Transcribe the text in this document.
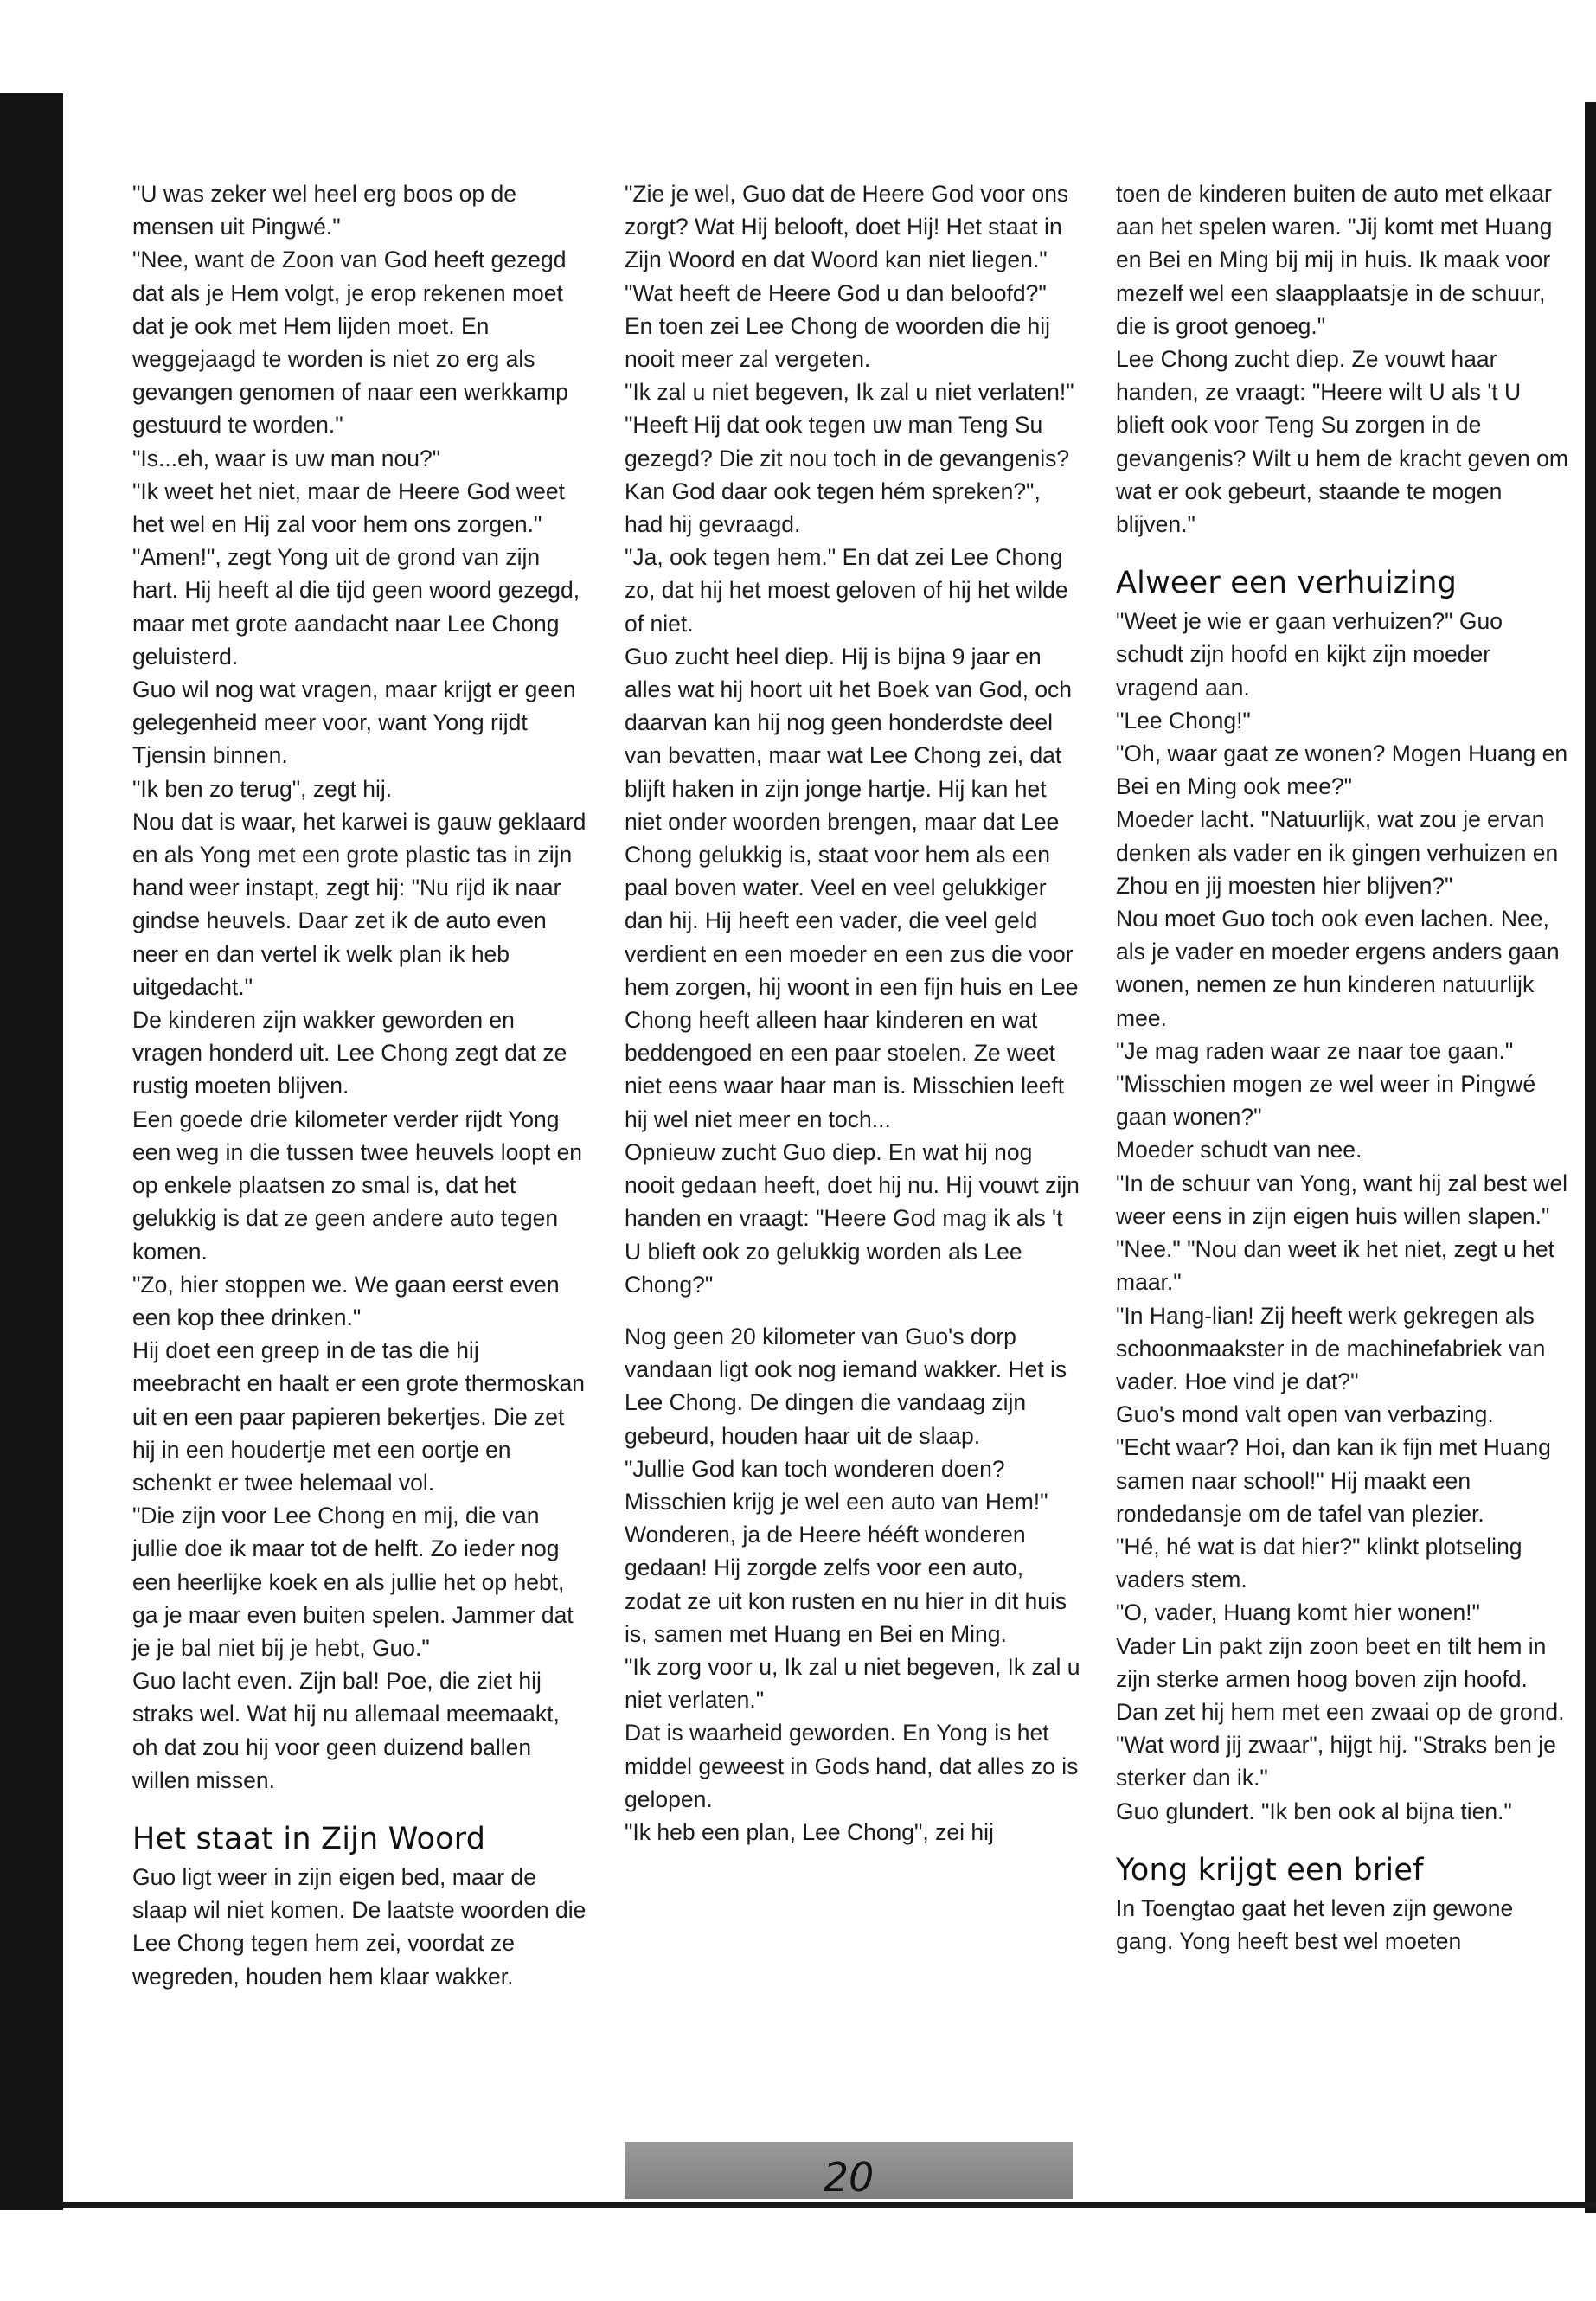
"U was zeker wel heel erg boos op de mensen uit Pingwé."

"Nee, want de Zoon van God heeft gezegd dat als je Hem volgt, je erop rekenen moet dat je ook met Hem lijden moet. En weggejaagd te worden is niet zo erg als gevangen genomen of naar een werkkamp gestuurd te worden."

"Is...eh, waar is uw man nou?"

"Ik weet het niet, maar de Heere God weet het wel en Hij zal voor hem ons zorgen."

"Amen!", zegt Yong uit de grond van zijn hart. Hij heeft al die tijd geen woord gezegd, maar met grote aandacht naar Lee Chong geluisterd.

Guo wil nog wat vragen, maar krijgt er geen gelegenheid meer voor, want Yong rijdt Tjensin binnen.

"Ik ben zo terug", zegt hij.

Nou dat is waar, het karwei is gauw geklaard en als Yong met een grote plastic tas in zijn hand weer instapt, zegt hij: "Nu rijd ik naar gindse heuvels. Daar zet ik de auto even neer en dan vertel ik welk plan ik heb uitgedacht."

De kinderen zijn wakker geworden en vragen honderd uit. Lee Chong zegt dat ze rustig moeten blijven.

Een goede drie kilometer verder rijdt Yong een weg in die tussen twee heuvels loopt en op enkele plaatsen zo smal is, dat het gelukkig is dat ze geen andere auto tegen komen.

"Zo, hier stoppen we. We gaan eerst even een kop thee drinken."

Hij doet een greep in de tas die hij meebracht en haalt er een grote thermoskan uit en een paar papieren bekertjes. Die zet hij in een houdertje met een oortje en schenkt er twee helemaal vol.

"Die zijn voor Lee Chong en mij, die van jullie doe ik maar tot de helft. Zo ieder nog een heerlijke koek en als jullie het op hebt, ga je maar even buiten spelen. Jammer dat je je bal niet bij je hebt, Guo."

Guo lacht even. Zijn bal! Poe, die ziet hij straks wel. Wat hij nu allemaal meemaakt, oh dat zou hij voor geen duizend ballen willen missen.

Het staat in Zijn Woord

Guo ligt weer in zijn eigen bed, maar de slaap wil niet komen. De laatste woorden die Lee Chong tegen hem zei, voordat ze wegreden, houden hem klaar wakker.

"Zie je wel, Guo dat de Heere God voor ons zorgt? Wat Hij belooft, doet Hij! Het staat in Zijn Woord en dat Woord kan niet liegen."

"Wat heeft de Heere God u dan beloofd?"

En toen zei Lee Chong de woorden die hij nooit meer zal vergeten.

"Ik zal u niet begeven, Ik zal u niet verlaten!"

"Heeft Hij dat ook tegen uw man Teng Su gezegd? Die zit nou toch in de gevangenis? Kan God daar ook tegen hém spreken?", had hij gevraagd.

"Ja, ook tegen hem." En dat zei Lee Chong zo, dat hij het moest geloven of hij het wilde of niet.

Guo zucht heel diep. Hij is bijna 9 jaar en alles wat hij hoort uit het Boek van God, och daarvan kan hij nog geen honderdste deel van bevatten, maar wat Lee Chong zei, dat blijft haken in zijn jonge hartje. Hij kan het niet onder woorden brengen, maar dat Lee Chong gelukkig is, staat voor hem als een paal boven water. Veel en veel gelukkiger dan hij. Hij heeft een vader, die veel geld verdient en een moeder en een zus die voor hem zorgen, hij woont in een fijn huis en Lee Chong heeft alleen haar kinderen en wat beddengoed en een paar stoelen. Ze weet niet eens waar haar man is. Misschien leeft hij wel niet meer en toch...

Opnieuw zucht Guo diep. En wat hij nog nooit gedaan heeft, doet hij nu. Hij vouwt zijn handen en vraagt: "Heere God mag ik als 't U blieft ook zo gelukkig worden als Lee Chong?"

Nog geen 20 kilometer van Guo's dorp vandaan ligt ook nog iemand wakker. Het is Lee Chong. De dingen die vandaag zijn gebeurd, houden haar uit de slaap.

"Jullie God kan toch wonderen doen? Misschien krijg je wel een auto van Hem!"

Wonderen, ja de Heere hééft wonderen gedaan! Hij zorgde zelfs voor een auto, zodat ze uit kon rusten en nu hier in dit huis is, samen met Huang en Bei en Ming.

"Ik zorg voor u, Ik zal u niet begeven, Ik zal u niet verlaten."

Dat is waarheid geworden. En Yong is het middel geweest in Gods hand, dat alles zo is gelopen.

"Ik heb een plan, Lee Chong", zei hij

toen de kinderen buiten de auto met elkaar aan het spelen waren. "Jij komt met Huang en Bei en Ming bij mij in huis. Ik maak voor mezelf wel een slaapplaatsje in de schuur, die is groot genoeg."

Lee Chong zucht diep. Ze vouwt haar handen, ze vraagt: "Heere wilt U als 't U blieft ook voor Teng Su zorgen in de gevangenis? Wilt u hem de kracht geven om wat er ook gebeurt, staande te mogen blijven."

Alweer een verhuizing

"Weet je wie er gaan verhuizen?" Guo schudt zijn hoofd en kijkt zijn moeder vragend aan.

"Lee Chong!"

"Oh, waar gaat ze wonen? Mogen Huang en Bei en Ming ook mee?"

Moeder lacht. "Natuurlijk, wat zou je ervan denken als vader en ik gingen verhuizen en Zhou en jij moesten hier blijven?"

Nou moet Guo toch ook even lachen. Nee, als je vader en moeder ergens anders gaan wonen, nemen ze hun kinderen natuurlijk mee.

"Je mag raden waar ze naar toe gaan."

"Misschien mogen ze wel weer in Pingwé gaan wonen?"

Moeder schudt van nee.

"In de schuur van Yong, want hij zal best wel weer eens in zijn eigen huis willen slapen."

"Nee." "Nou dan weet ik het niet, zegt u het maar."

"In Hang-lian! Zij heeft werk gekregen als schoonmaakster in de machinefabriek van vader. Hoe vind je dat?"

Guo's mond valt open van verbazing.

"Echt waar? Hoi, dan kan ik fijn met Huang samen naar school!" Hij maakt een rondedansje om de tafel van plezier.

"Hé, hé wat is dat hier?" klinkt plotseling vaders stem.

"O, vader, Huang komt hier wonen!"

Vader Lin pakt zijn zoon beet en tilt hem in zijn sterke armen hoog boven zijn hoofd. Dan zet hij hem met een zwaai op de grond.

"Wat word jij zwaar", hijgt hij. "Straks ben je sterker dan ik."

Guo glundert. "Ik ben ook al bijna tien."

Yong krijgt een brief

In Toengtao gaat het leven zijn gewone gang. Yong heeft best wel moeten

20
